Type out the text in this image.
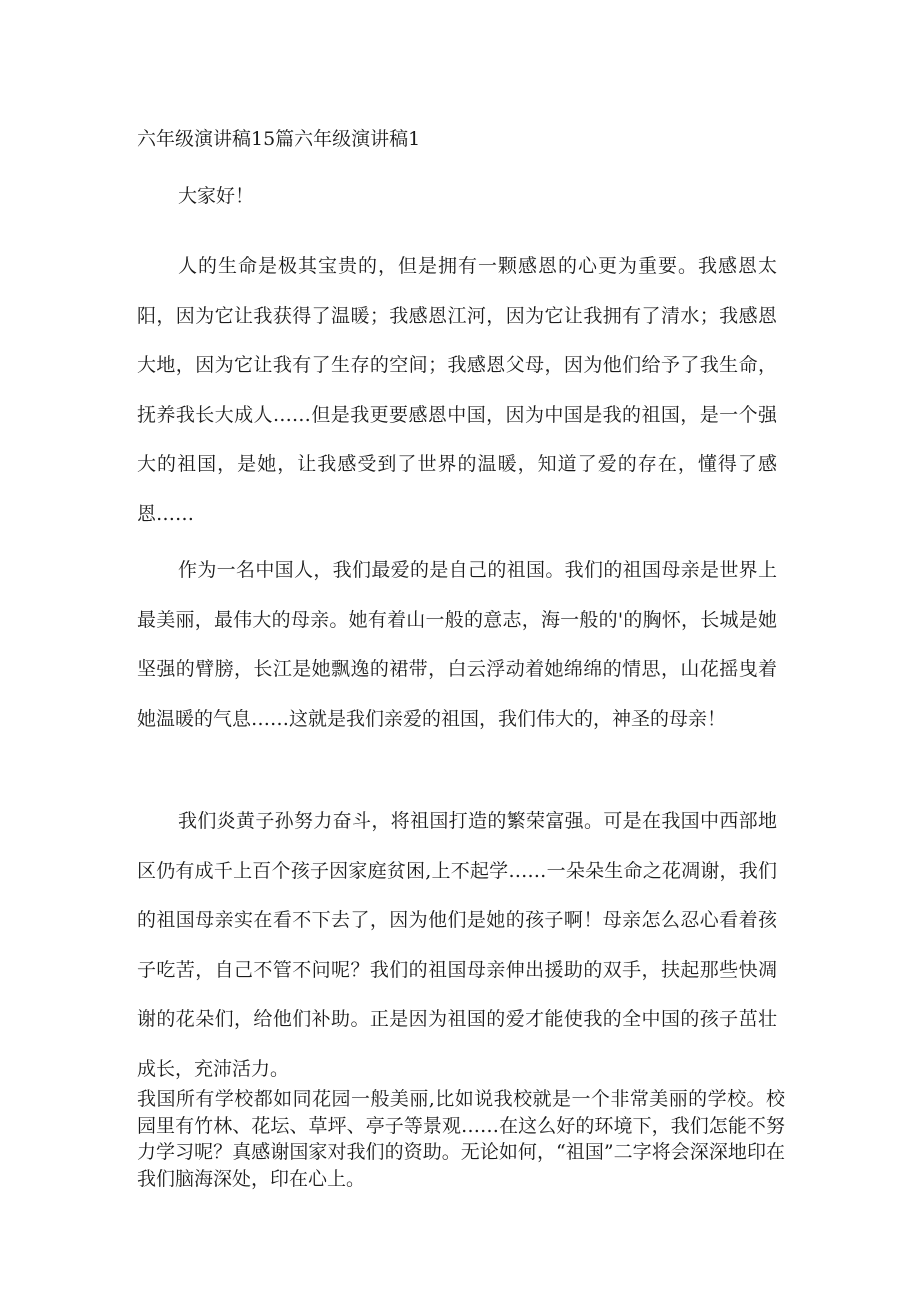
六年级演讲稿15篇六年级演讲稿1
大家好！
人的生命是极其宝贵的，但是拥有一颗感恩的心更为重要。我感恩太阳，因为它让我获得了温暖；我感恩江河，因为它让我拥有了清水；我感恩大地，因为它让我有了生存的空间；我感恩父母，因为他们给予了我生命，抚养我长大成人……但是我更要感恩中国，因为中国是我的祖国，是一个强大的祖国，是她，让我感受到了世界的温暖，知道了爱的存在，懂得了感恩……
作为一名中国人，我们最爱的是自己的祖国。我们的祖国母亲是世界上最美丽，最伟大的母亲。她有着山一般的意志，海一般的'的胸怀，长城是她坚强的臂膀，长江是她飘逸的裙带，白云浮动着她绵绵的情思，山花摇曳着她温暖的气息……这就是我们亲爱的祖国，我们伟大的，神圣的母亲！
我们炎黄子孙努力奋斗，将祖国打造的繁荣富强。可是在我国中西部地区仍有成千上百个孩子因家庭贫困,上不起学……一朵朵生命之花凋谢，我们的祖国母亲实在看不下去了，因为他们是她的孩子啊！母亲怎么忍心看着孩子吃苦，自己不管不问呢？我们的祖国母亲伸出援助的双手，扶起那些快凋谢的花朵们，给他们补助。正是因为祖国的爱才能使我的全中国的孩子茁壮成长，充沛活力。
我国所有学校都如同花园一般美丽,比如说我校就是一个非常美丽的学校。校园里有竹林、花坛、草坪、亭子等景观……在这么好的环境下，我们怎能不努力学习呢？真感谢国家对我们的资助。无论如何，“祖国”二字将会深深地印在我们脑海深处，印在心上。
